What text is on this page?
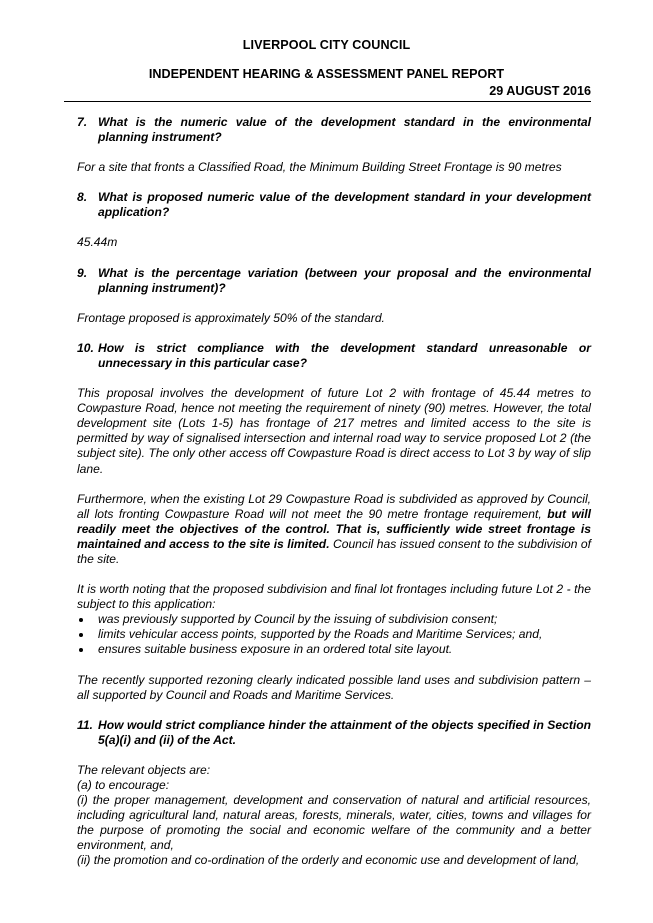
LIVERPOOL CITY COUNCIL
INDEPENDENT HEARING & ASSESSMENT PANEL REPORT
29 AUGUST 2016
7. What is the numeric value of the development standard in the environmental planning instrument?

For a site that fronts a Classified Road, the Minimum Building Street Frontage is 90 metres

8. What is proposed numeric value of the development standard in your development application?

45.44m

9. What is the percentage variation (between your proposal and the environmental planning instrument)?

Frontage proposed is approximately 50% of the standard.

10. How is strict compliance with the development standard unreasonable or unnecessary in this particular case?

This proposal involves the development of future Lot 2 with frontage of 45.44 metres to Cowpasture Road, hence not meeting the requirement of ninety (90) metres. However, the total development site (Lots 1-5) has frontage of 217 metres and limited access to the site is permitted by way of signalised intersection and internal road way to service proposed Lot 2 (the subject site). The only other access off Cowpasture Road is direct access to Lot 3 by way of slip lane.

Furthermore, when the existing Lot 29 Cowpasture Road is subdivided as approved by Council, all lots fronting Cowpasture Road will not meet the 90 metre frontage requirement, but will readily meet the objectives of the control. That is, sufficiently wide street frontage is maintained and access to the site is limited. Council has issued consent to the subdivision of the site.

It is worth noting that the proposed subdivision and final lot frontages including future Lot 2 - the subject to this application:

was previously supported by Council by the issuing of subdivision consent;
limits vehicular access points, supported by the Roads and Maritime Services; and,
ensures suitable business exposure in an ordered total site layout.

The recently supported rezoning clearly indicated possible land uses and subdivision pattern – all supported by Council and Roads and Maritime Services.

11. How would strict compliance hinder the attainment of the objects specified in Section 5(a)(i) and (ii) of the Act.

The relevant objects are:

(a) to encourage:

(i) the proper management, development and conservation of natural and artificial resources, including agricultural land, natural areas, forests, minerals, water, cities, towns and villages for the purpose of promoting the social and economic welfare of the community and a better environment, and,

(ii) the promotion and co-ordination of the orderly and economic use and development of land,
